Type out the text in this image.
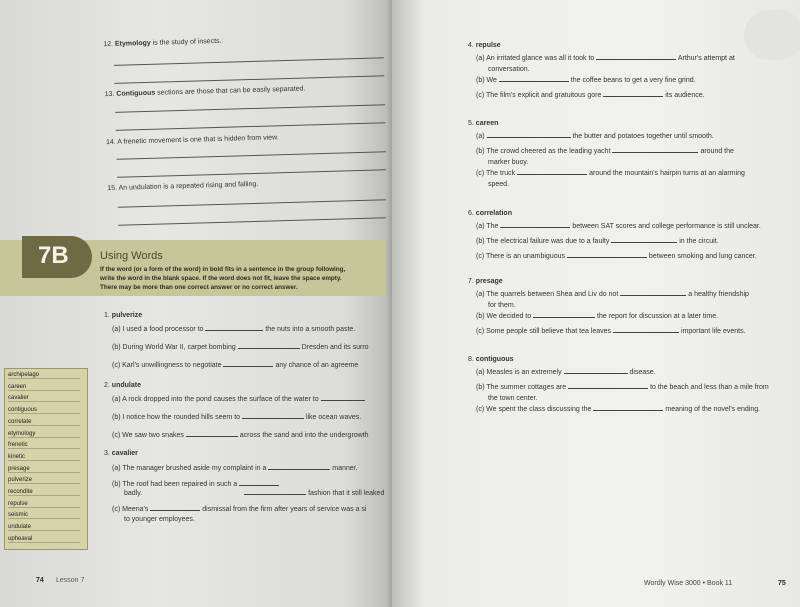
12. Etymology is the study of insects.
13. Contiguous sections are those that can be easily separated.
14. A frenetic movement is one that is hidden from view.
15. An undulation is a repeated rising and falling.
7B	Using Words
If the word (or a form of the word) in bold fits in a sentence in the group following,
write the word in the blank space. If the word does not fit, leave the space empty.
There may be more than one correct answer or no correct answer.
1. pulverize
(a) I used a food processor to	the nuts into a smooth paste.
(b) During World War II, carpet bombing	Dresden and its surro
(c) Karl's unwillingness to negotiate	any chance of an agreeme
2. undulate
(a) A rock dropped into the pond causes the surface of the water to
(b) I notice how the rounded hills seem to	like ocean waves.
(c) We saw two snakes	across the sand and into the undergrowth
3. cavalier
(a) The manager brushed aside my complaint in a	manner.
(b) The roof had been repaired in such a
badly.	fashion that it still leaked
(c) Meena's	dismissal from the firm after years of service was a si
to younger employees.
archipelago
careen
cavalier
contiguous
correlate
etymology
frenetic
kinetic
presage
pulverize
recondite
repulse
seismic
undulate
upheaval
74 Lesson 7
4. repulse
(a) An irritated glance was all it took to	Arthur's attempt at
conversation.
(b) We	the coffee beans to get a very fine grind.
(c) The film's explicit and gratuitous gore	its audience.
5. careen
(a)	the butter and potatoes together until smooth.
(b) The crowd cheered as the leading yacht	around the
marker buoy.
(c) The truck	around the mountain's hairpin turns at an alarming
speed.
6. correlation
(a) The	between SAT scores and college performance is still unclear.
(b) The electrical failure was due to a faulty	in the circuit.
(c) There is an unambiguous	between smoking and lung cancer.
7. presage
(a) The quarrels between Shea and Liv do not	a healthy friendship
for them.
(b) We decided to	the report for discussion at a later time.
(c) Some people still believe that tea leaves	important life events.
8. contiguous
(a) Measles is an extremely	disease.
(b) The summer cottages are	to the beach and less than a mile from
the town center.
(c) We spent the class discussing the	meaning of the novel's ending.
Wordly Wise 3000 • Book 11	75
